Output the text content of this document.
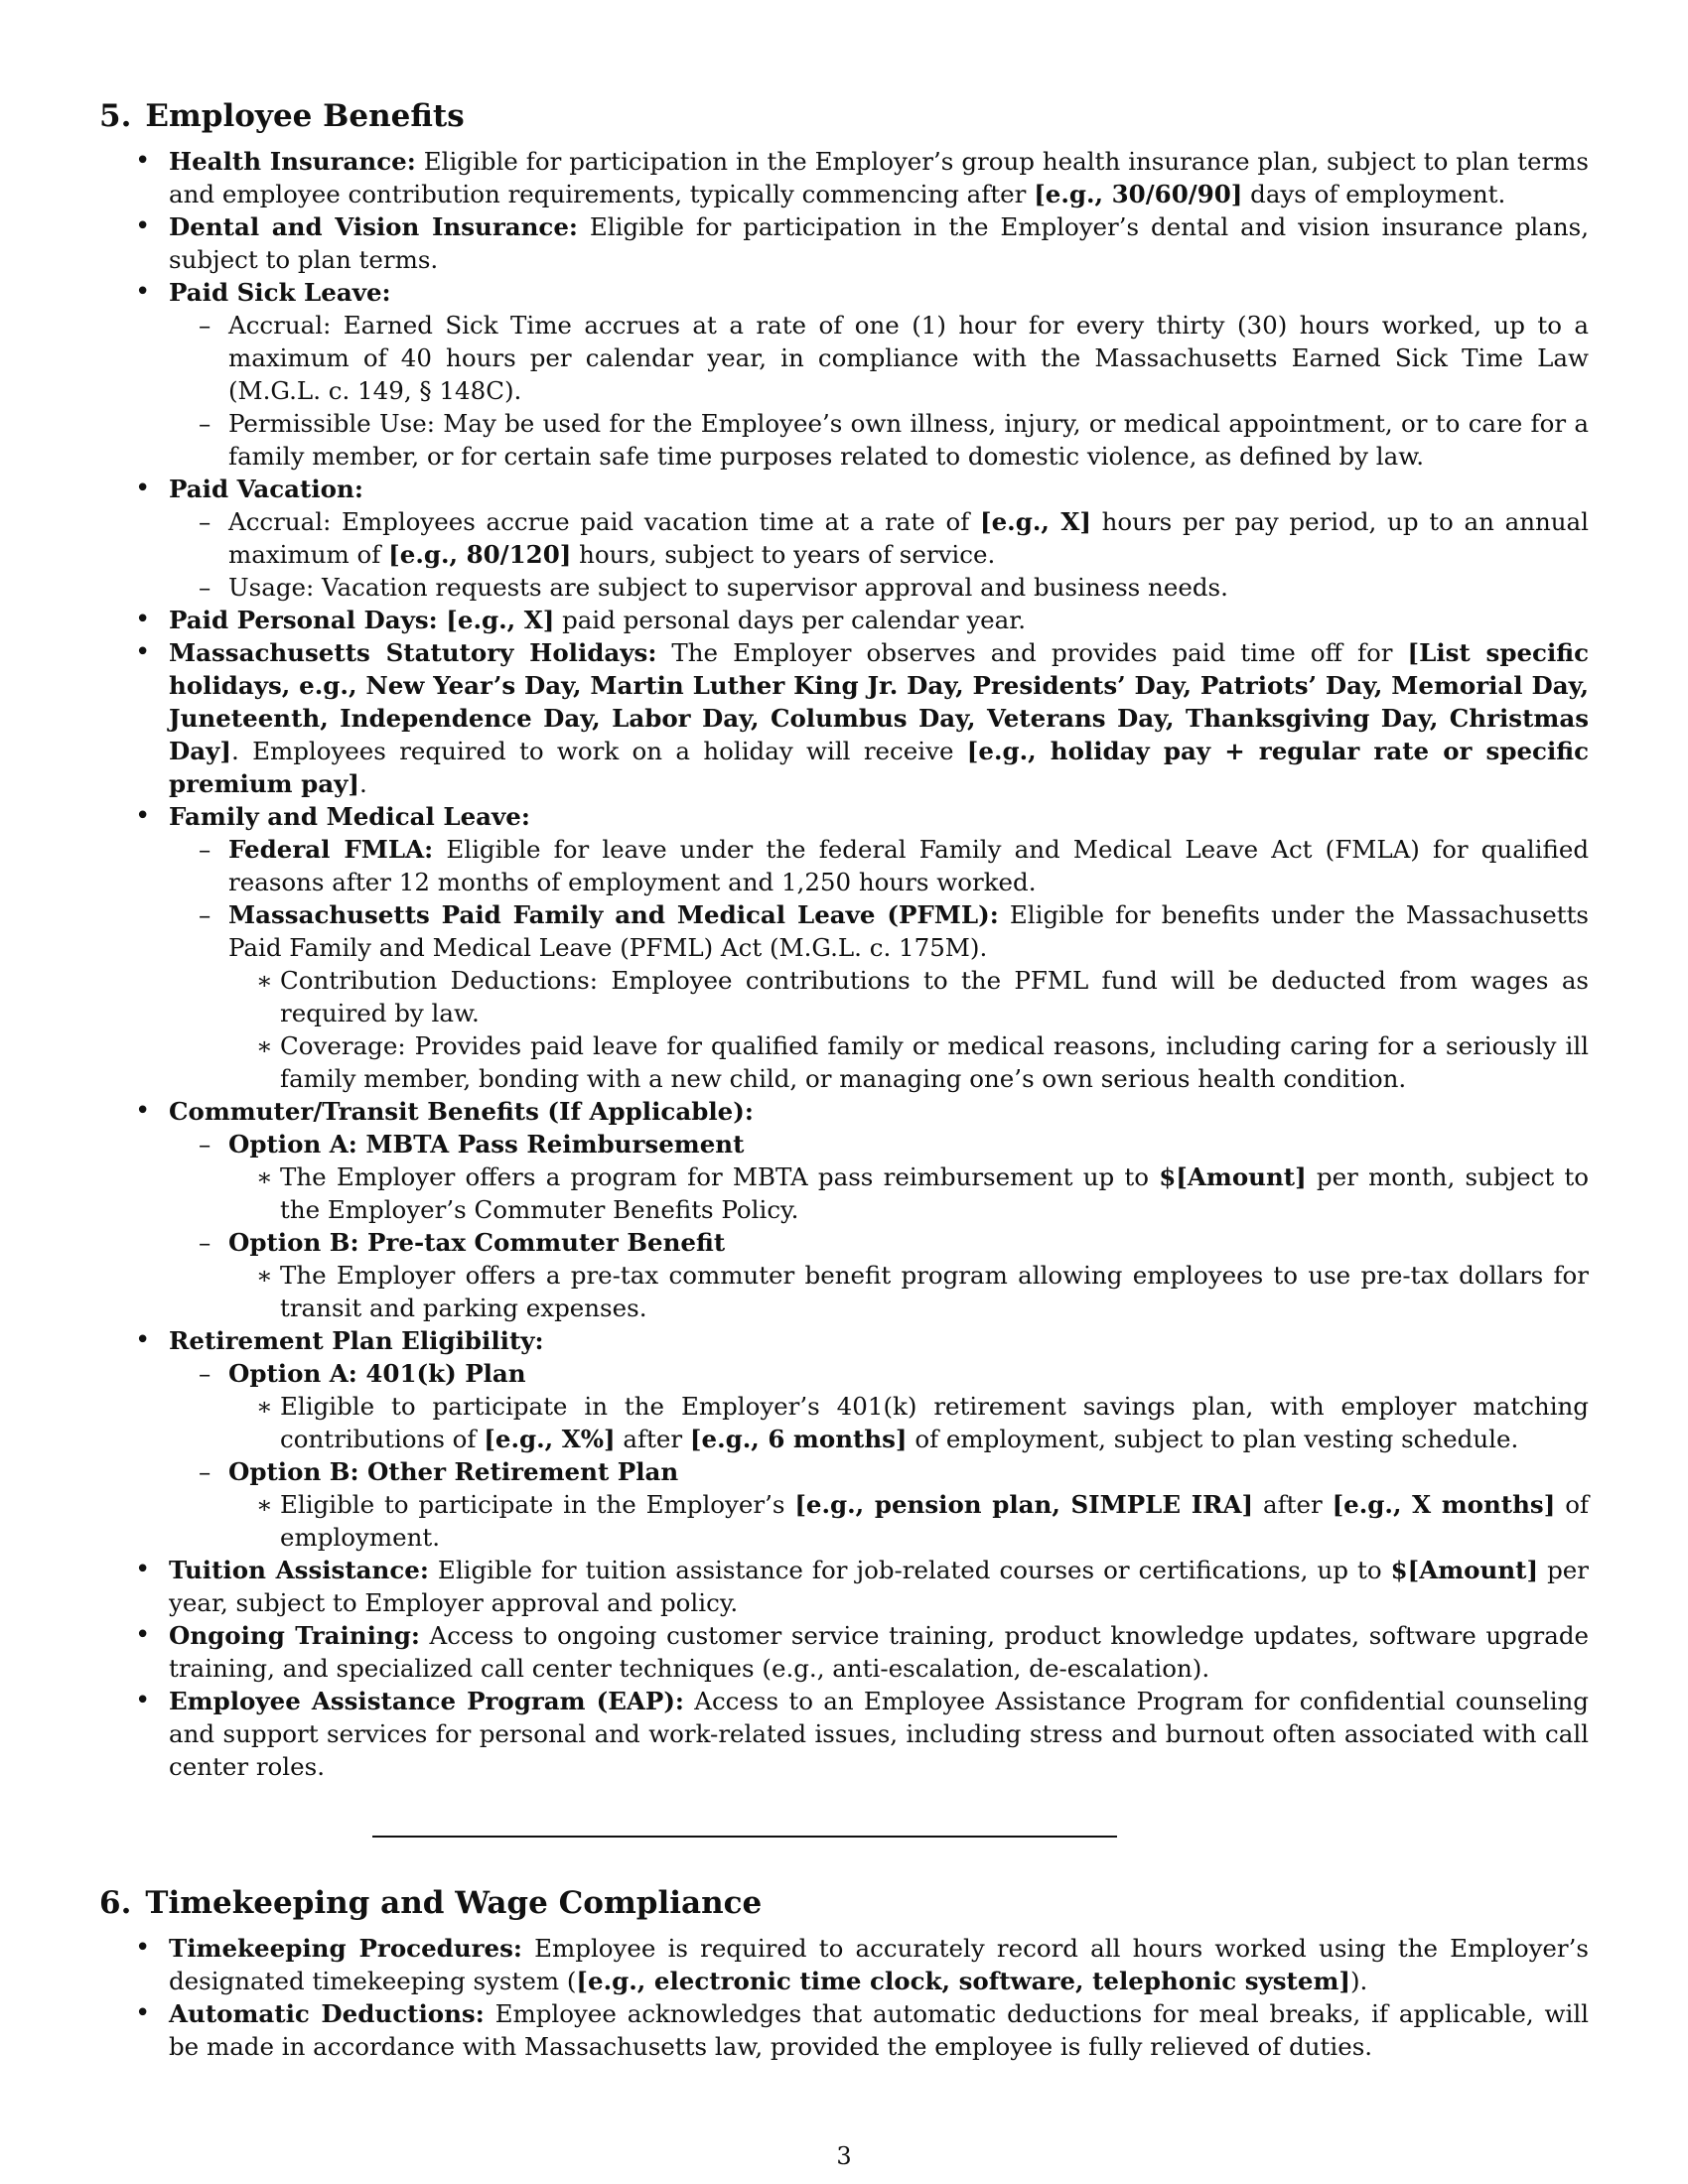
5. Employee Benefits
• Health Insurance: Eligible for participation in the Employer’s group health insurance plan, subject to plan terms and employee contribution requirements, typically commencing after [e.g., 30/60/90] days of employment.
• Dental and Vision Insurance: Eligible for participation in the Employer’s dental and vision insurance plans, subject to plan terms.
• Paid Sick Leave:
– Accrual: Earned Sick Time accrues at a rate of one (1) hour for every thirty (30) hours worked, up to a maximum of 40 hours per calendar year, in compliance with the Massachusetts Earned Sick Time Law (M.G.L. c. 149, § 148C).
– Permissible Use: May be used for the Employee’s own illness, injury, or medical appointment, or to care for a family member, or for certain safe time purposes related to domestic violence, as defined by law.
• Paid Vacation:
– Accrual: Employees accrue paid vacation time at a rate of [e.g., X] hours per pay period, up to an annual maximum of [e.g., 80/120] hours, subject to years of service.
– Usage: Vacation requests are subject to supervisor approval and business needs.
• Paid Personal Days: [e.g., X] paid personal days per calendar year.
• Massachusetts Statutory Holidays: The Employer observes and provides paid time off for [List specific holidays, e.g., New Year’s Day, Martin Luther King Jr. Day, Presidents’ Day, Patriots’ Day, Memorial Day, Juneteenth, Independence Day, Labor Day, Columbus Day, Veterans Day, Thanksgiving Day, Christmas Day]. Employees required to work on a holiday will receive [e.g., holiday pay + regular rate or specific premium pay].
• Family and Medical Leave:
– Federal FMLA: Eligible for leave under the federal Family and Medical Leave Act (FMLA) for qualified reasons after 12 months of employment and 1,250 hours worked.
– Massachusetts Paid Family and Medical Leave (PFML): Eligible for benefits under the Massachusetts Paid Family and Medical Leave (PFML) Act (M.G.L. c. 175M).
∗ Contribution Deductions: Employee contributions to the PFML fund will be deducted from wages as required by law.
∗ Coverage: Provides paid leave for qualified family or medical reasons, including caring for a seriously ill family member, bonding with a new child, or managing one’s own serious health condition.
• Commuter/Transit Benefits (If Applicable):
– Option A: MBTA Pass Reimbursement
∗ The Employer offers a program for MBTA pass reimbursement up to $[Amount] per month, subject to the Employer’s Commuter Benefits Policy.
– Option B: Pre-tax Commuter Benefit
∗ The Employer offers a pre-tax commuter benefit program allowing employees to use pre-tax dollars for transit and parking expenses.
• Retirement Plan Eligibility:
– Option A: 401(k) Plan
∗ Eligible to participate in the Employer’s 401(k) retirement savings plan, with employer matching contributions of [e.g., X%] after [e.g., 6 months] of employment, subject to plan vesting schedule.
– Option B: Other Retirement Plan
∗ Eligible to participate in the Employer’s [e.g., pension plan, SIMPLE IRA] after [e.g., X months] of employment.
• Tuition Assistance: Eligible for tuition assistance for job-related courses or certifications, up to $[Amount] per year, subject to Employer approval and policy.
• Ongoing Training: Access to ongoing customer service training, product knowledge updates, software upgrade training, and specialized call center techniques (e.g., anti-escalation, de-escalation).
• Employee Assistance Program (EAP): Access to an Employee Assistance Program for confidential counseling and support services for personal and work-related issues, including stress and burnout often associated with call center roles.
6. Timekeeping and Wage Compliance
• Timekeeping Procedures: Employee is required to accurately record all hours worked using the Employer’s designated timekeeping system ([e.g., electronic time clock, software, telephonic system]).
• Automatic Deductions: Employee acknowledges that automatic deductions for meal breaks, if applicable, will be made in accordance with Massachusetts law, provided the employee is fully relieved of duties.
3
